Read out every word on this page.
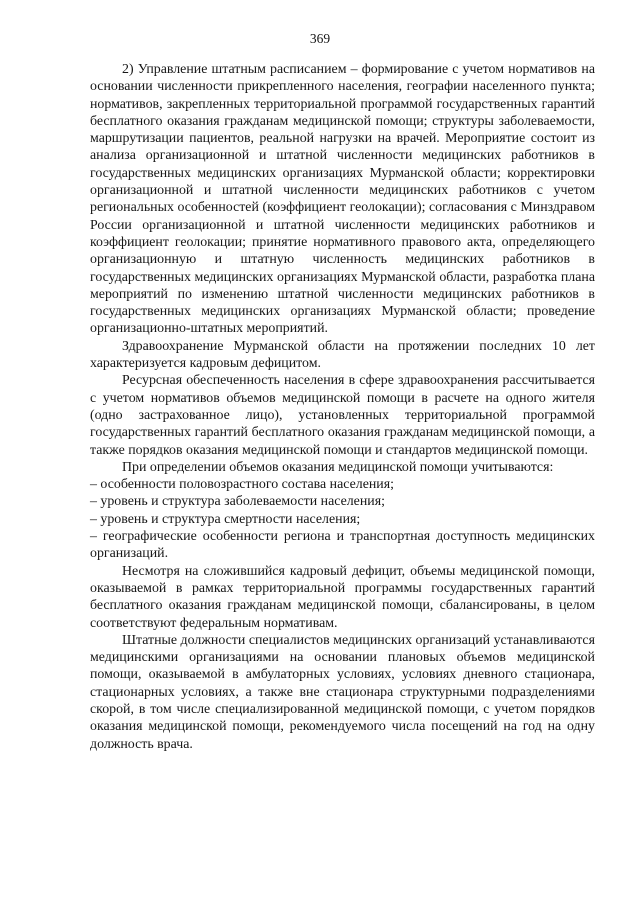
369

2) Управление штатным расписанием – формирование с учетом нормативов на основании численности прикрепленного населения, географии населенного пункта; нормативов, закрепленных территориальной программой государственных гарантий бесплатного оказания гражданам медицинской помощи; структуры заболеваемости, маршрутизации пациентов, реальной нагрузки на врачей. Мероприятие состоит из анализа организационной и штатной численности медицинских работников в государственных медицинских организациях Мурманской области; корректировки организационной и штатной численности медицинских работников с учетом региональных особенностей (коэффициент геолокации); согласования с Минздравом России организационной и штатной численности медицинских работников и коэффициент геолокации; принятие нормативного правового акта, определяющего организационную и штатную численность медицинских работников в государственных медицинских организациях Мурманской области, разработка плана мероприятий по изменению штатной численности медицинских работников в государственных медицинских организациях Мурманской области; проведение организационно-штатных мероприятий.

Здравоохранение Мурманской области на протяжении последних 10 лет характеризуется кадровым дефицитом.

Ресурсная обеспеченность населения в сфере здравоохранения рассчитывается с учетом нормативов объемов медицинской помощи в расчете на одного жителя (одно застрахованное лицо), установленных территориальной программой государственных гарантий бесплатного оказания гражданам медицинской помощи, а также порядков оказания медицинской помощи и стандартов медицинской помощи.

При определении объемов оказания медицинской помощи учитываются:

– особенности половозрастного состава населения;

– уровень и структура заболеваемости населения;

– уровень и структура смертности населения;

– географические особенности региона и транспортная доступность медицинских организаций.

Несмотря на сложившийся кадровый дефицит, объемы медицинской помощи, оказываемой в рамках территориальной программы государственных гарантий бесплатного оказания гражданам медицинской помощи, сбалансированы, в целом соответствуют федеральным нормативам.

Штатные должности специалистов медицинских организаций устанавливаются медицинскими организациями на основании плановых объемов медицинской помощи, оказываемой в амбулаторных условиях, условиях дневного стационара, стационарных условиях, а также вне стационара структурными подразделениями скорой, в том числе специализированной медицинской помощи, с учетом порядков оказания медицинской помощи, рекомендуемого числа посещений на год на одну должность врача.
